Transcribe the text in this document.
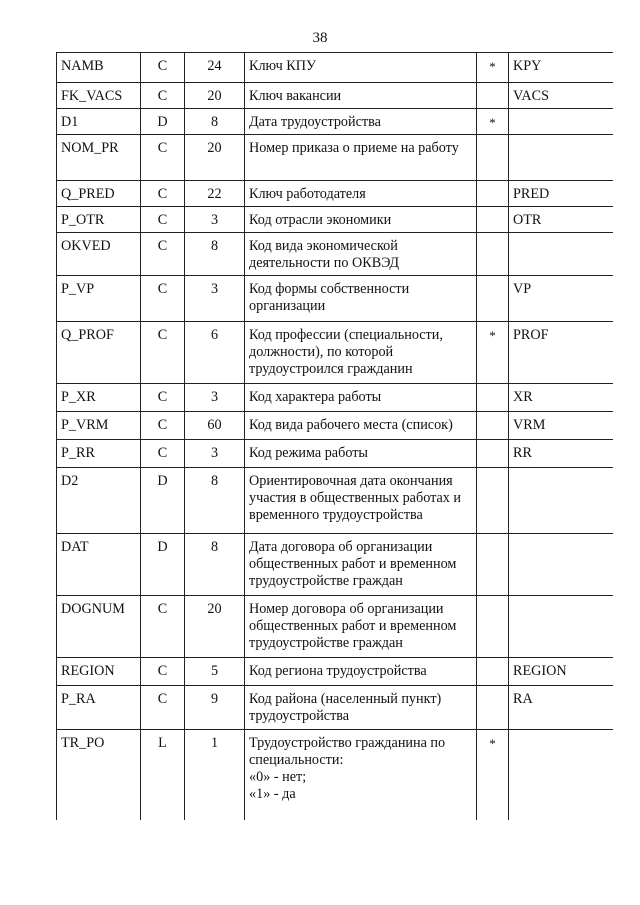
38
NAMB	C	24	Ключ КПУ	*	KPY
FK_VACS	C	20	Ключ вакансии		VACS
D1	D	8	Дата трудоустройства	*	
NOM_PR	C	20	Номер приказа о приеме на работу		
Q_PRED	C	22	Ключ работодателя		PRED
P_OTR	C	3	Код отрасли экономики		OTR
OKVED	C	8	Код вида экономической деятельности по ОКВЭД		
P_VP	C	3	Код формы собственности организации		VP
Q_PROF	C	6	Код профессии (специальности, должности), по которой трудоустроился гражданин	*	PROF
P_XR	C	3	Код характера работы		XR
P_VRM	C	60	Код вида рабочего места (список)		VRM
P_RR	C	3	Код режима работы		RR
D2	D	8	Ориентировочная дата окончания участия в общественных работах и временного трудоустройства		
DAT	D	8	Дата договора об организации общественных работ и временном трудоустройстве граждан		
DOGNUM	C	20	Номер договора об организации общественных работ и временном трудоустройстве граждан		
REGION	C	5	Код региона трудоустройства		REGION
P_RA	C	9	Код района (населенный пункт) трудоустройства		RA
TR_PO	L	1	Трудоустройство гражданина по специальности:
«0» - нет;
«1» - да	*	
